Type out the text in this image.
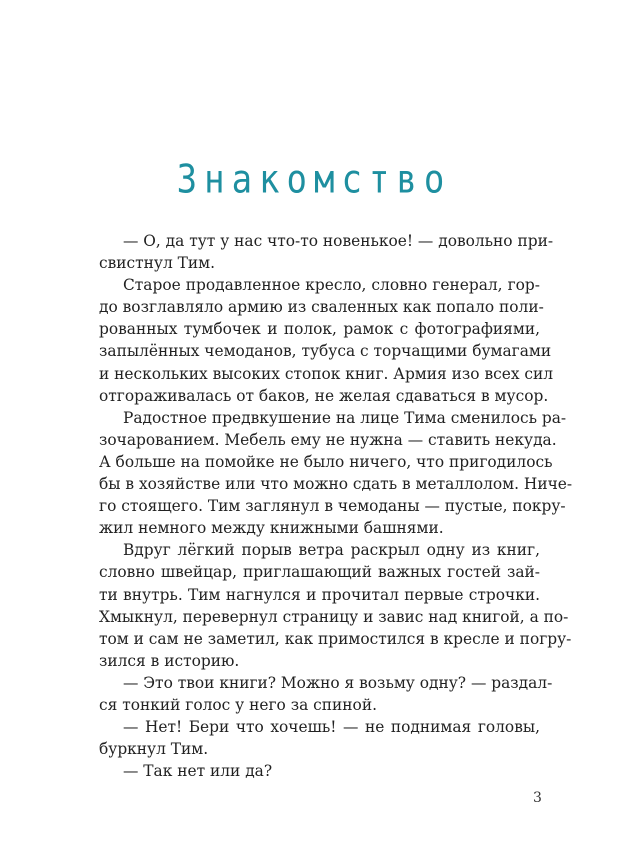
Знакомство
— О, да тут у нас что-то новенькое! — довольно при-
свистнул Тим.
Старое продавленное кресло, словно генерал, гор-
до возглавляло армию из сваленных как попало поли-
рованных тумбочек и полок, рамок с фотографиями,
запылённых чемоданов, тубуса с торчащими бумагами
и нескольких высоких стопок книг. Армия изо всех сил
отгораживалась от баков, не желая сдаваться в мусор.
Радостное предвкушение на лице Тима сменилось ра-
зочарованием. Мебель ему не нужна — ставить некуда.
А больше на помойке не было ничего, что пригодилось
бы в хозяйстве или что можно сдать в металлолом. Ниче-
го стоящего. Тим заглянул в чемоданы — пустые, покру-
жил немного между книжными башнями.
Вдруг лёгкий порыв ветра раскрыл одну из книг,
словно швейцар, приглашающий важных гостей зай-
ти внутрь. Тим нагнулся и прочитал первые строчки.
Хмыкнул, перевернул страницу и завис над книгой, а по-
том и сам не заметил, как примостился в кресле и погру-
зился в историю.
— Это твои книги? Можно я возьму одну? — раздал-
ся тонкий голос у него за спиной.
— Нет! Бери что хочешь! — не поднимая головы,
буркнул Тим.
— Так нет или да?
3
